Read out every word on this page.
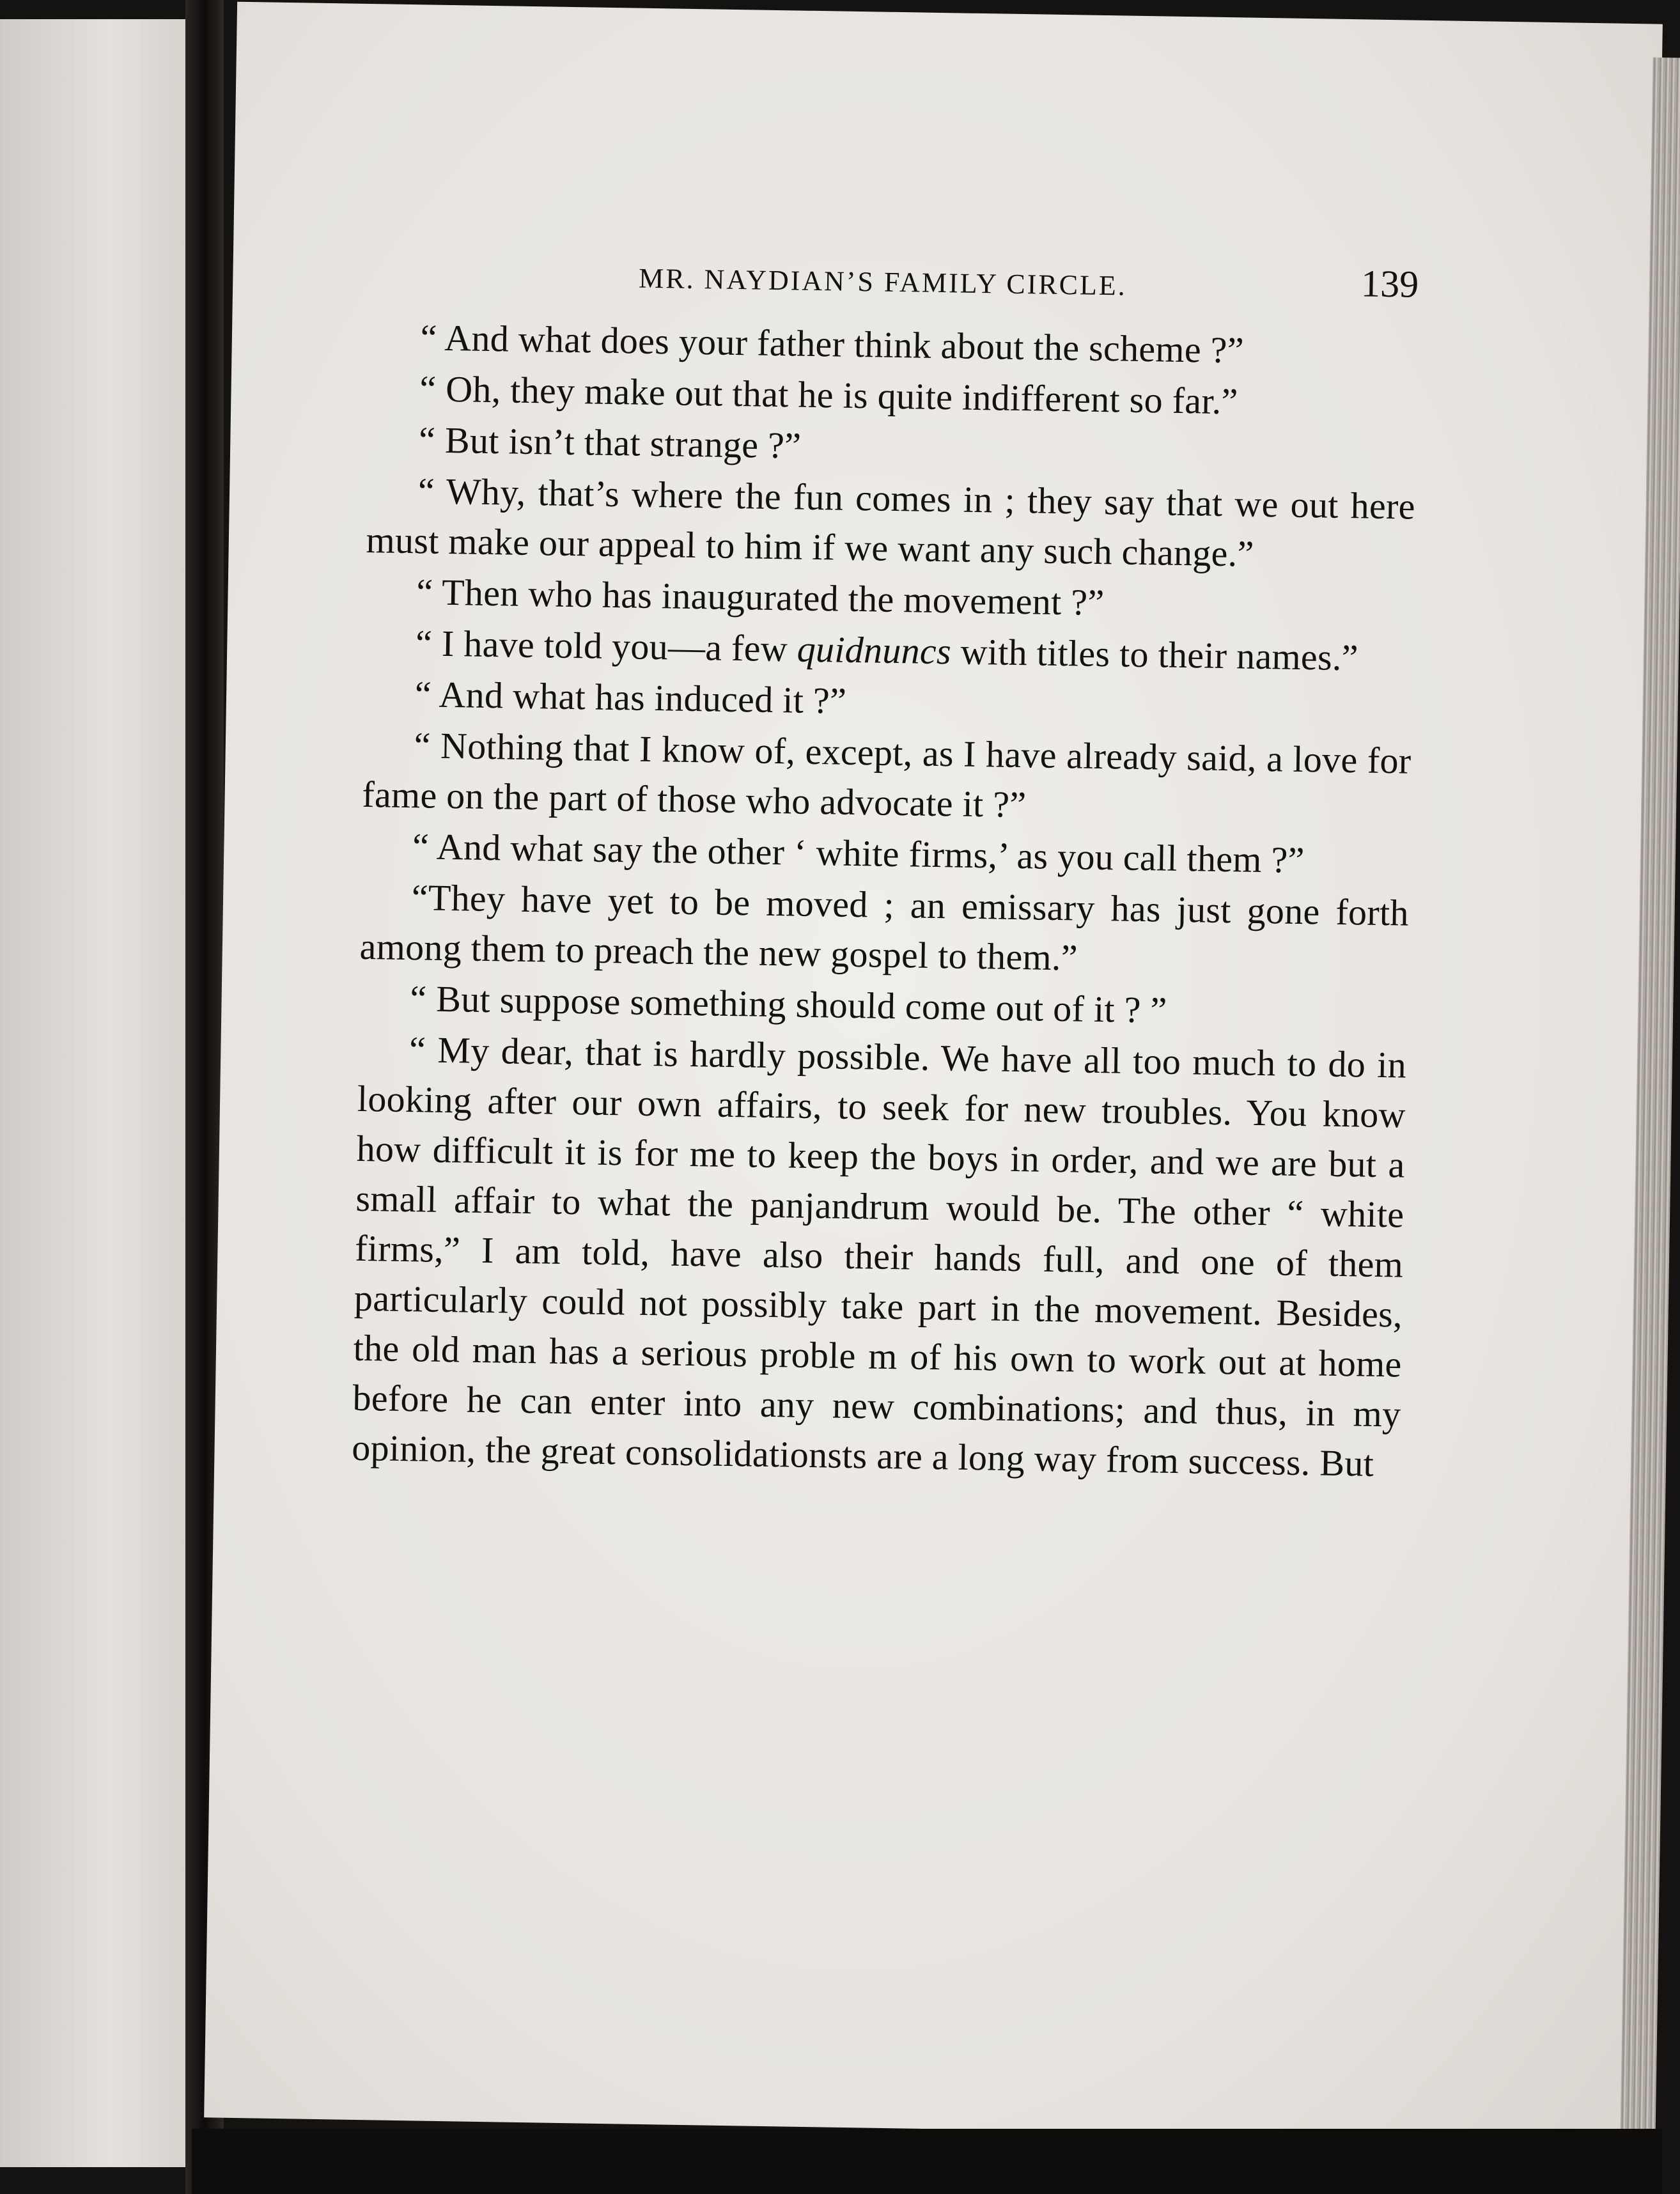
MR. NAYDIAN’S FAMILY CIRCLE.	139

“ And what does your father think about the scheme ?”

“ Oh, they make out that he is quite indifferent so far.”

“ But isn’t that strange ?”

“ Why, that’s where the fun comes in ; they say that we out here must make our appeal to him if we want any such change.”

“ Then who has inaugurated the movement ?”

“ I have told you—a few quidnuncs with titles to their names.”

“ And what has induced it ?”

“ Nothing that I know of, except, as I have already said, a love for fame on the part of those who advocate it ?”

“ And what say the other ‘ white firms,’ as you call them ?”

“They have yet to be moved ; an emissary has just gone forth among them to preach the new gospel to them.”

“ But suppose something should come out of it ? ”

“ My dear, that is hardly possible. We have all too much to do in looking after our own affairs, to seek for new troubles. You know how difficult it is for me to keep the boys in order, and we are but a small affair to what the panjandrum would be. The other “ white firms,” I am told, have also their hands full, and one of them particularly could not possibly take part in the movement. Besides, the old man has a serious proble m of his own to work out at home before he can enter into any new combinations; and thus, in my opinion, the great consolidationsts are a long way from success. But
